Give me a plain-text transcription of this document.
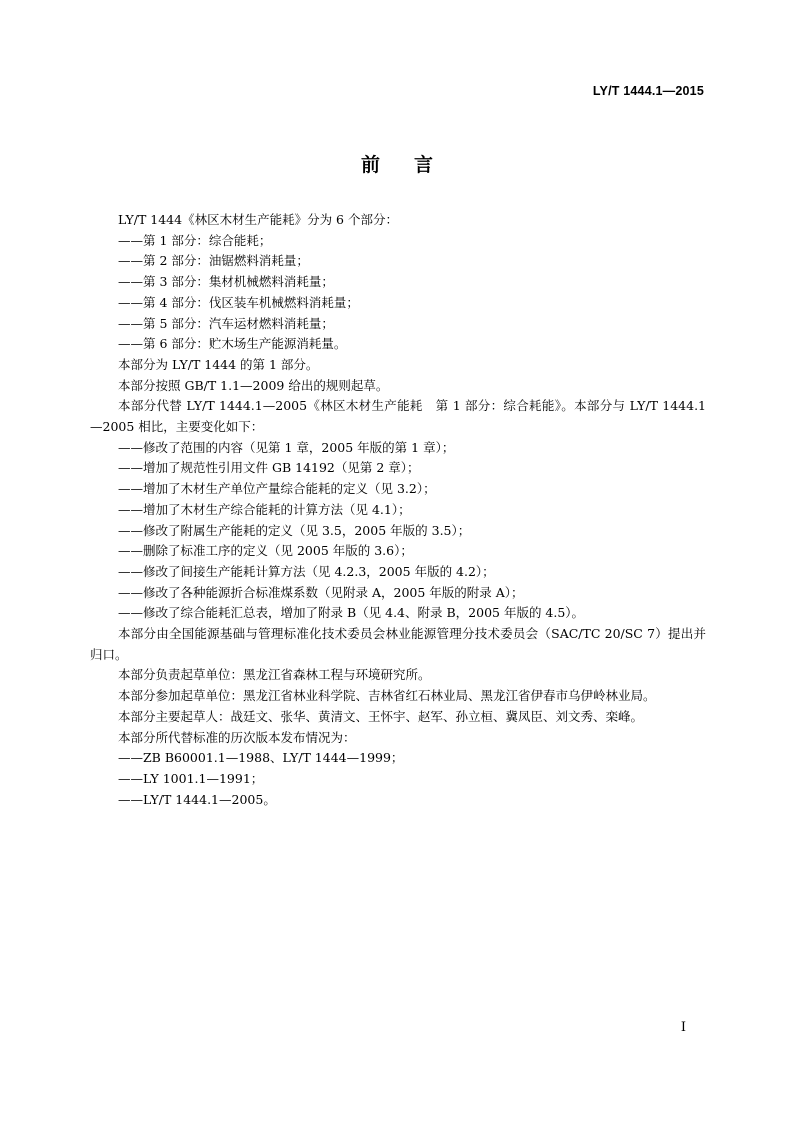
LY/T 1444.1—2015
前言

LY/T 1444《林区木材生产能耗》分为 6 个部分：

——第 1 部分：综合能耗；

——第 2 部分：油锯燃料消耗量；

——第 3 部分：集材机械燃料消耗量；

——第 4 部分：伐区装车机械燃料消耗量；

——第 5 部分：汽车运材燃料消耗量；

——第 6 部分：贮木场生产能源消耗量。

本部分为 LY/T 1444 的第 1 部分。

本部分按照 GB/T 1.1—2009 给出的规则起草。

本部分代替 LY/T 1444.1—2005《林区木材生产能耗　第 1 部分：综合耗能》。本部分与 LY/T 1444.1—2005 相比，主要变化如下：

——修改了范围的内容（见第 1 章，2005 年版的第 1 章）；

——增加了规范性引用文件 GB 14192（见第 2 章）；

——增加了木材生产单位产量综合能耗的定义（见 3.2）；

——增加了木材生产综合能耗的计算方法（见 4.1）；

——修改了附属生产能耗的定义（见 3.5，2005 年版的 3.5）；

——删除了标准工序的定义（见 2005 年版的 3.6）；

——修改了间接生产能耗计算方法（见 4.2.3，2005 年版的 4.2）；

——修改了各种能源折合标准煤系数（见附录 A，2005 年版的附录 A）；

——修改了综合能耗汇总表，增加了附录 B（见 4.4、附录 B，2005 年版的 4.5）。

本部分由全国能源基础与管理标准化技术委员会林业能源管理分技术委员会（SAC/TC 20/SC 7）提出并归口。

本部分负责起草单位：黑龙江省森林工程与环境研究所。

本部分参加起草单位：黑龙江省林业科学院、吉林省红石林业局、黑龙江省伊春市乌伊岭林业局。

本部分主要起草人：战廷文、张华、黄清文、王怀宇、赵军、孙立桓、冀凤臣、刘文秀、栾峰。

本部分所代替标准的历次版本发布情况为：

——ZB B60001.1—1988、LY/T 1444—1999；

——LY 1001.1—1991；

——LY/T 1444.1—2005。

I
